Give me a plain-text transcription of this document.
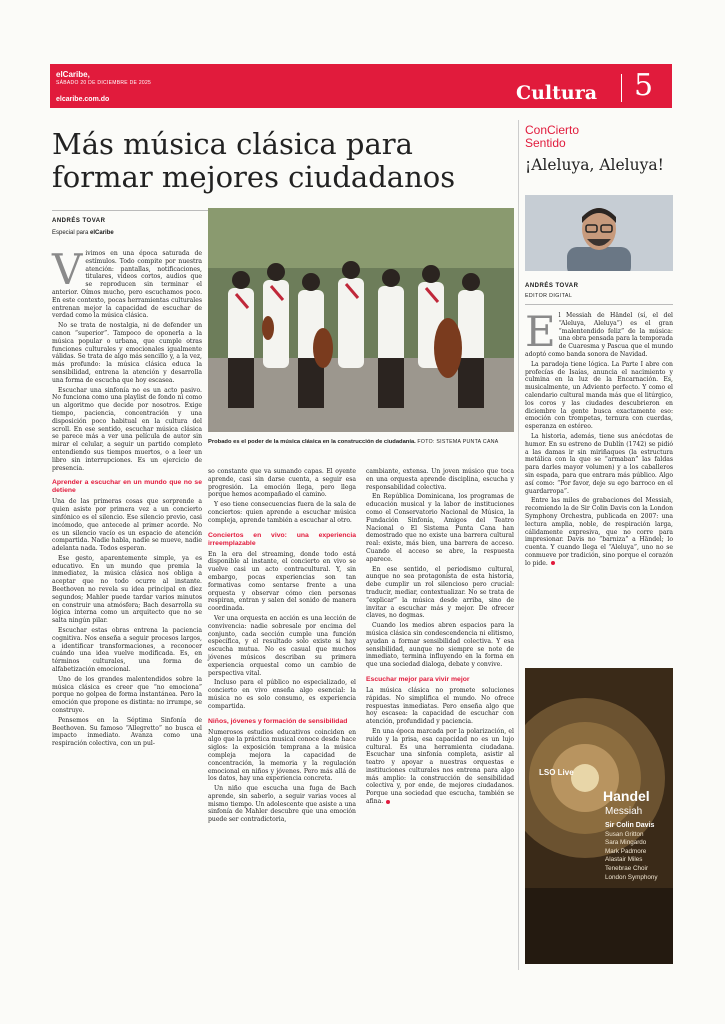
elCaribe,
SÁBADO 20 DE DICIEMBRE DE 2025
elcaribe.com.do	Cultura 5
Más música clásica para formar mejores ciudadanos
ANDRÉS TOVAR
Especial para elCaribe

V ivimos en una época saturada de estímulos. Todo compite por nuestra atención: pantallas, notificaciones, titulares, videos cortos, audios que se reproducen sin terminar el anterior. Oímos mucho, pero escuchamos poco. En este contexto, pocas herramientas culturales entrenan mejor la capacidad de escuchar de verdad como la música clásica.

No se trata de nostalgia, ni de defender un canon “superior”. Tampoco de oponerla a la música popular o urbana, que cumple otras funciones culturales y emocionales igualmente válidas. Se trata de algo más sencillo y, a la vez, más profundo: la música clásica educa la sensibilidad, entrena la atención y desarrolla una forma de escucha que hoy escasea.

Escuchar una sinfonía no es un acto pasivo. No funciona como una playlist de fondo ni como un algoritmo que decide por nosotros. Exige tiempo, paciencia, concentración y una disposición poco habitual en la cultura del scroll. En ese sentido, escuchar música clásica se parece más a ver una película de autor sin mirar el celular, a seguir un partido completo entendiendo sus tiempos muertos, o a leer un libro sin interrupciones. Es un ejercicio de presencia.

Aprender a escuchar en un mundo que no se detiene

Una de las primeras cosas que sorprende a quien asiste por primera vez a un concierto sinfónico es el silencio. Ese silencio previo, casi incómodo, que antecede al primer acorde. No es un silencio vacío es un espacio de atención compartida. Nadie habla, nadie se mueve, nadie adelanta nada. Todos esperan.

Ese gesto, aparentemente simple, ya es educativo. En un mundo que premia la inmediatez, la música clásica nos obliga a aceptar que no todo ocurre al instante. Beethoven no revela su idea principal en diez segundos; Mahler puede tardar varios minutos en construir una atmósfera; Bach desarrolla su lógica interna como un arquitecto que no se salta ningún pilar.

Escuchar estas obras entrena la paciencia cognitiva. Nos enseña a seguir procesos largos, a identificar transformaciones, a reconocer cuándo una idea vuelve modificada. Es, en términos culturales, una forma de alfabetización emocional.

Uno de los grandes malentendidos sobre la música clásica es creer que “no emociona” porque no golpea de forma instantánea. Pero la emoción que propone es distinta: no irrumpe, se construye.

Pensemos en la Séptima Sinfonía de Beethoven. Su famoso “Allegretto” no busca el impacto inmediato. Avanza como una respiración colectiva, con un pul-

Probado es el poder de la música clásica en la construcción de ciudadanía. FOTO: SISTEMA PUNTA CANA

so constante que va sumando capas. El oyente aprende, casi sin darse cuenta, a seguir esa progresión. La emoción llega, pero llega porque hemos acompañado el camino.

Y eso tiene consecuencias fuera de la sala de conciertos: quien aprende a escuchar música compleja, aprende también a escuchar al otro.

Conciertos en vivo: una experiencia irreemplazable

En la era del streaming, donde todo está disponible al instante, el concierto en vivo se vuelve casi un acto contracultural. Y, sin embargo, pocas experiencias son tan formativas como sentarse frente a una orquesta y observar cómo cien personas respiran, entran y salen del sonido de manera coordinada.

Ver una orquesta en acción es una lección de convivencia: nadie sobresale por encima del conjunto, cada sección cumple una función específica, y el resultado solo existe si hay escucha mutua. No es casual que muchos jóvenes músicos describan su primera experiencia orquestal como un cambio de perspectiva vital.

Incluso para el público no especializado, el concierto en vivo enseña algo esencial: la música no es solo consumo, es experiencia compartida.

Niños, jóvenes y formación de sensibilidad

Numerosos estudios educativos coinciden en algo que la práctica musical conoce desde hace siglos: la exposición temprana a la música compleja mejora la capacidad de concentración, la memoria y la regulación emocional en niños y jóvenes. Pero más allá de los datos, hay una experiencia concreta.

Un niño que escucha una fuga de Bach aprende, sin saberlo, a seguir varias voces al mismo tiempo. Un adolescente que asiste a una sinfonía de Mahler descubre que una emoción puede ser contradictoria,

cambiante, extensa. Un joven músico que toca en una orquesta aprende disciplina, escucha y responsabilidad colectiva.

En República Dominicana, los programas de educación musical y la labor de instituciones como el Conservatorio Nacional de Música, la Fundación Sinfonía, Amigos del Teatro Nacional o El Sistema Punta Cana han demostrado que no existe una barrera cultural real: existe, más bien, una barrera de acceso. Cuando el acceso se abre, la respuesta aparece.

En ese sentido, el periodismo cultural, aunque no sea protagonista de esta historia, debe cumplir un rol silencioso pero crucial: traducir, mediar, contextualizar. No se trata de “explicar” la música desde arriba, sino de invitar a escuchar más y mejor. De ofrecer claves, no dogmas.

Cuando los medios abren espacios para la música clásica sin condescendencia ni elitismo, ayudan a formar sensibilidad colectiva. Y esa sensibilidad, aunque no siempre se note de inmediato, termina influyendo en la forma en que una sociedad dialoga, debate y convive.

Escuchar mejor para vivir mejor

La música clásica no promete soluciones rápidas. No simplifica el mundo. No ofrece respuestas inmediatas. Pero enseña algo que hoy escasea: la capacidad de escuchar con atención, profundidad y paciencia.

En una época marcada por la polarización, el ruido y la prisa, esa capacidad no es un lujo cultural. Es una herramienta ciudadana. Escuchar una sinfonía completa, asistir al teatro y apoyar a nuestras orquestas e instituciones culturales nos entrena para algo más amplio: la construcción de sensibilidad colectiva y, por ende, de mejores ciudadanos. Porque una sociedad que escucha, también se afina.

ConCierto Sentido
¡Aleluya, Aleluya!
ANDRÉS TOVAR
EDITOR DIGITAL

E l Messiah de Händel (sí, el del “Aleluya, Aleluya”) es el gran “malentendido feliz” de la música: una obra pensada para la temporada de Cuaresma y Pascua que el mundo adoptó como banda sonora de Navidad.

La paradoja tiene lógica. La Parte I abre con profecías de Isaías, anuncia el nacimiento y culmina en la luz de la Encarnación. Es, musicalmente, un Adviento perfecto. Y como el calendario cultural manda más que el litúrgico, los coros y las ciudades descubrieron en diciembre la gente busca exactamente eso: emoción con trompetas, ternura con cuerdas, esperanza en estéreo.

La historia, además, tiene sus anécdotas de humor. En su estreno de Dublín (1742) se pidió a las damas ir sin miriñaques (la estructura metálica con la que se “armaban” las faldas para darles mayor volumen) y a los caballeros sin espada, para que entrara más público. Algo así como: “Por favor, deje su ego barroco en el guardarropa”.

Entre las miles de grabaciones del Messiah, recomiendo la de Sir Colin Davis con la London Symphony Orchestra, publicada en 2007: una lectura amplia, noble, de respiración larga, cálidamente expresiva, que no corre para impresionar. Davis no “barniza” a Händel; lo cuenta. Y cuando llega el “Aleluya”, uno no se conmueve por tradición, sino porque el corazón lo pide.

LSO Live
Handel
Messiah
Sir Colin Davis
Susan Gritton
Sara Mingardo
Mark Padmore
Alastair Miles
Tenebrae Choir
London Symphony
